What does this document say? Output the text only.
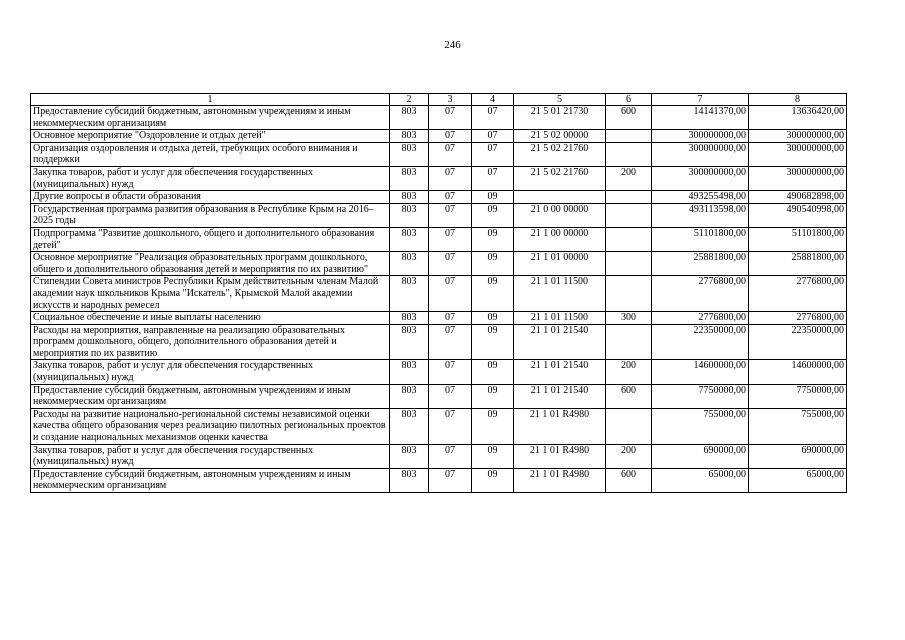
246
1	2	3	4	5	6	7	8
Предоставление субсидий бюджетным, автономным учреждениям и иным некоммерческим организациям	803	07	07	21 5 01 21730	600	14141370,00	13636420,00
Основное мероприятие "Оздоровление и отдых детей"	803	07	07	21 5 02 00000		300000000,00	300000000,00
Организация оздоровления и отдыха детей, требующих особого внимания и поддержки	803	07	07	21 5 02 21760		300000000,00	300000000,00
Закупка товаров, работ и услуг для обеспечения государственных (муниципальных) нужд	803	07	07	21 5 02 21760	200	300000000,00	300000000,00
Другие вопросы в области образования	803	07	09			493255498,00	490682898,00
Государственная программа развития образования в Республике Крым на 2016–2025 годы	803	07	09	21 0 00 00000		493113598,00	490540998,00
Подпрограмма "Развитие дошкольного, общего и дополнительного образования детей"	803	07	09	21 1 00 00000		51101800,00	51101800,00
Основное мероприятие "Реализация образовательных программ дошкольного, общего и дополнительного образования детей и мероприятия по их развитию"	803	07	09	21 1 01 00000		25881800,00	25881800,00
Стипендии Совета министров Республики Крым действительным членам Малой академии наук школьников Крыма "Искатель", Крымской Малой академии искусств и народных ремесел	803	07	09	21 1 01 11500		2776800,00	2776800,00
Социальное обеспечение и иные выплаты населению	803	07	09	21 1 01 11500	300	2776800,00	2776800,00
Расходы на мероприятия, направленные на реализацию образовательных программ дошкольного, общего, дополнительного образования детей и мероприятия по их развитию	803	07	09	21 1 01 21540		22350000,00	22350000,00
Закупка товаров, работ и услуг для обеспечения государственных (муниципальных) нужд	803	07	09	21 1 01 21540	200	14600000,00	14600000,00
Предоставление субсидий бюджетным, автономным учреждениям и иным некоммерческим организациям	803	07	09	21 1 01 21540	600	7750000,00	7750000,00
Расходы на развитие национально-региональной системы независимой оценки качества общего образования через реализацию пилотных региональных проектов и создание национальных механизмов оценки качества	803	07	09	21 1 01 R4980		755000,00	755000,00
Закупка товаров, работ и услуг для обеспечения государственных (муниципальных) нужд	803	07	09	21 1 01 R4980	200	690000,00	690000,00
Предоставление субсидий бюджетным, автономным учреждениям и иным некоммерческим организациям	803	07	09	21 1 01 R4980	600	65000,00	65000,00
